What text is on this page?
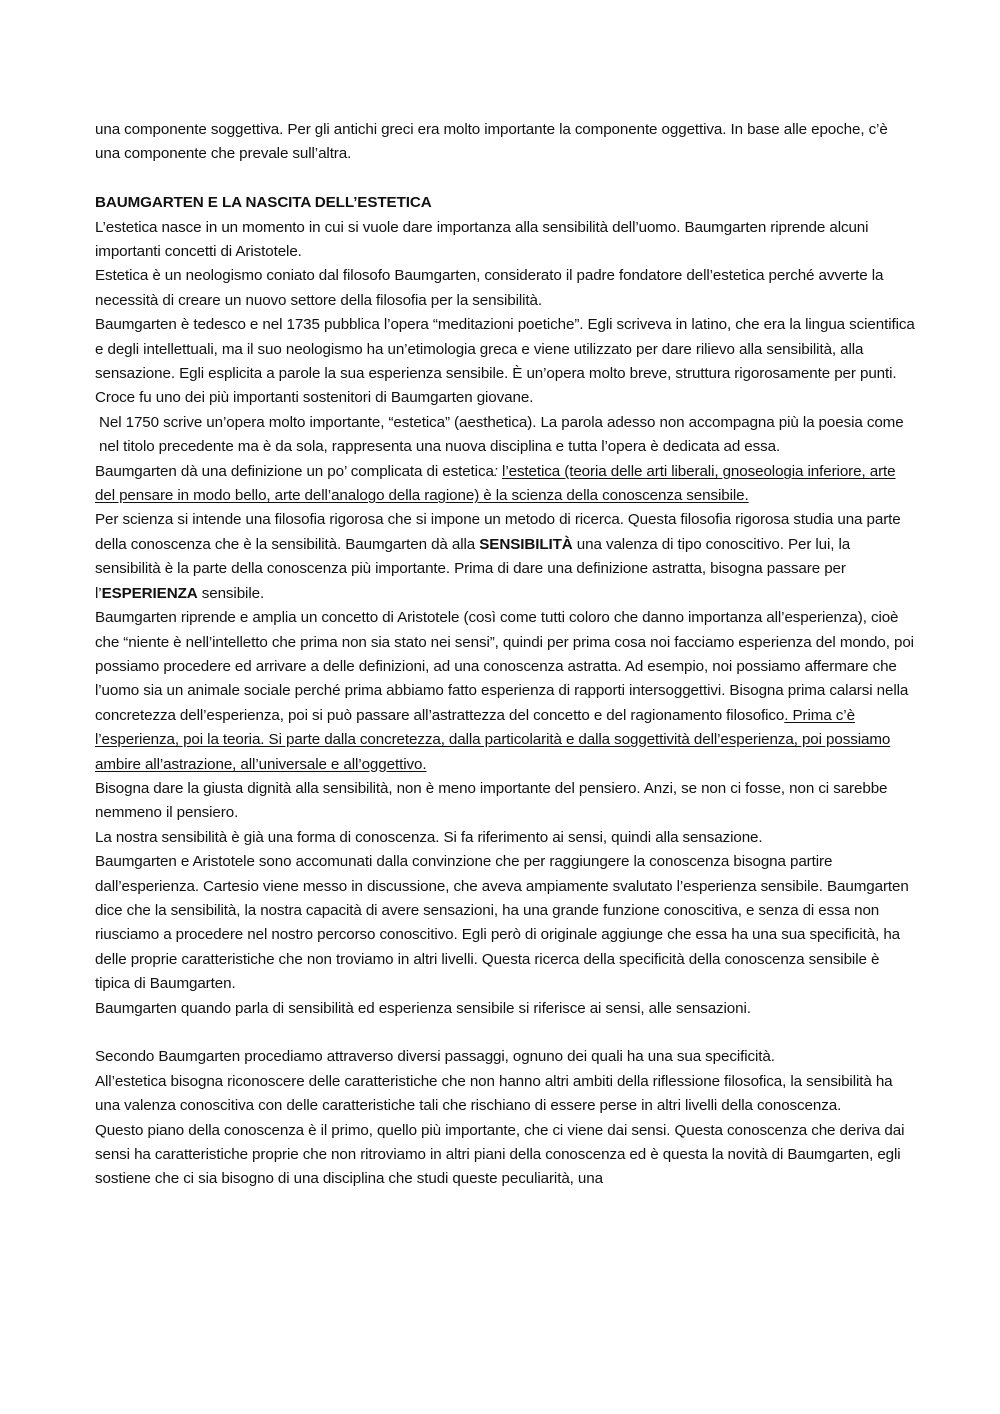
una componente soggettiva. Per gli antichi greci era molto importante la componente oggettiva. In base alle epoche, c’è una componente che prevale sull’altra.

BAUMGARTEN E LA NASCITA DELL’ESTETICA

L’estetica nasce in un momento in cui si vuole dare importanza alla sensibilità dell’uomo. Baumgarten riprende alcuni importanti concetti di Aristotele.

Estetica è un neologismo coniato dal filosofo Baumgarten, considerato il padre fondatore dell’estetica perché avverte la necessità di creare un nuovo settore della filosofia per la sensibilità.

Baumgarten è tedesco e nel 1735 pubblica l’opera “meditazioni poetiche”. Egli scriveva in latino, che era la lingua scientifica e degli intellettuali, ma il suo neologismo ha un’etimologia greca e viene utilizzato per dare rilievo alla sensibilità, alla sensazione. Egli esplicita a parole la sua esperienza sensibile. È un’opera molto breve, struttura rigorosamente per punti.

Croce fu uno dei più importanti sostenitori di Baumgarten giovane.

Nel 1750 scrive un’opera molto importante, “estetica” (aesthetica). La parola adesso non accompagna più la poesia come nel titolo precedente ma è da sola, rappresenta una nuova disciplina e tutta l’opera è dedicata ad essa.

Baumgarten dà una definizione un po’ complicata di estetica: l’estetica (teoria delle arti liberali, gnoseologia inferiore, arte del pensare in modo bello, arte dell’analogo della ragione) è la scienza della conoscenza sensibile.

Per scienza si intende una filosofia rigorosa che si impone un metodo di ricerca. Questa filosofia rigorosa studia una parte della conoscenza che è la sensibilità. Baumgarten dà alla SENSIBILITÀ una valenza di tipo conoscitivo. Per lui, la sensibilità è la parte della conoscenza più importante. Prima di dare una definizione astratta, bisogna passare per l’ESPERIENZA sensibile.

Baumgarten riprende e amplia un concetto di Aristotele (così come tutti coloro che danno importanza all’esperienza), cioè che “niente è nell’intelletto che prima non sia stato nei sensi”, quindi per prima cosa noi facciamo esperienza del mondo, poi possiamo procedere ed arrivare a delle definizioni, ad una conoscenza astratta. Ad esempio, noi possiamo affermare che l’uomo sia un animale sociale perché prima abbiamo fatto esperienza di rapporti intersoggettivi. Bisogna prima calarsi nella concretezza dell’esperienza, poi si può passare all’astrattezza del concetto e del ragionamento filosofico. Prima c’è l’esperienza, poi la teoria. Si parte dalla concretezza, dalla particolarità e dalla soggettività dell’esperienza, poi possiamo ambire all’astrazione, all’universale e all’oggettivo.

Bisogna dare la giusta dignità alla sensibilità, non è meno importante del pensiero. Anzi, se non ci fosse, non ci sarebbe nemmeno il pensiero.

La nostra sensibilità è già una forma di conoscenza. Si fa riferimento ai sensi, quindi alla sensazione.

Baumgarten e Aristotele sono accomunati dalla convinzione che per raggiungere la conoscenza bisogna partire dall’esperienza. Cartesio viene messo in discussione, che aveva ampiamente svalutato l’esperienza sensibile. Baumgarten dice che la sensibilità, la nostra capacità di avere sensazioni, ha una grande funzione conoscitiva, e senza di essa non riusciamo a procedere nel nostro percorso conoscitivo. Egli però di originale aggiunge che essa ha una sua specificità, ha delle proprie caratteristiche che non troviamo in altri livelli. Questa ricerca della specificità della conoscenza sensibile è tipica di Baumgarten.

Baumgarten quando parla di sensibilità ed esperienza sensibile si riferisce ai sensi, alle sensazioni.

Secondo Baumgarten procediamo attraverso diversi passaggi, ognuno dei quali ha una sua specificità.

All’estetica bisogna riconoscere delle caratteristiche che non hanno altri ambiti della riflessione filosofica, la sensibilità ha una valenza conoscitiva con delle caratteristiche tali che rischiano di essere perse in altri livelli della conoscenza.

Questo piano della conoscenza è il primo, quello più importante, che ci viene dai sensi. Questa conoscenza che deriva dai sensi ha caratteristiche proprie che non ritroviamo in altri piani della conoscenza ed è questa la novità di Baumgarten, egli sostiene che ci sia bisogno di una disciplina che studi queste peculiarità, una
